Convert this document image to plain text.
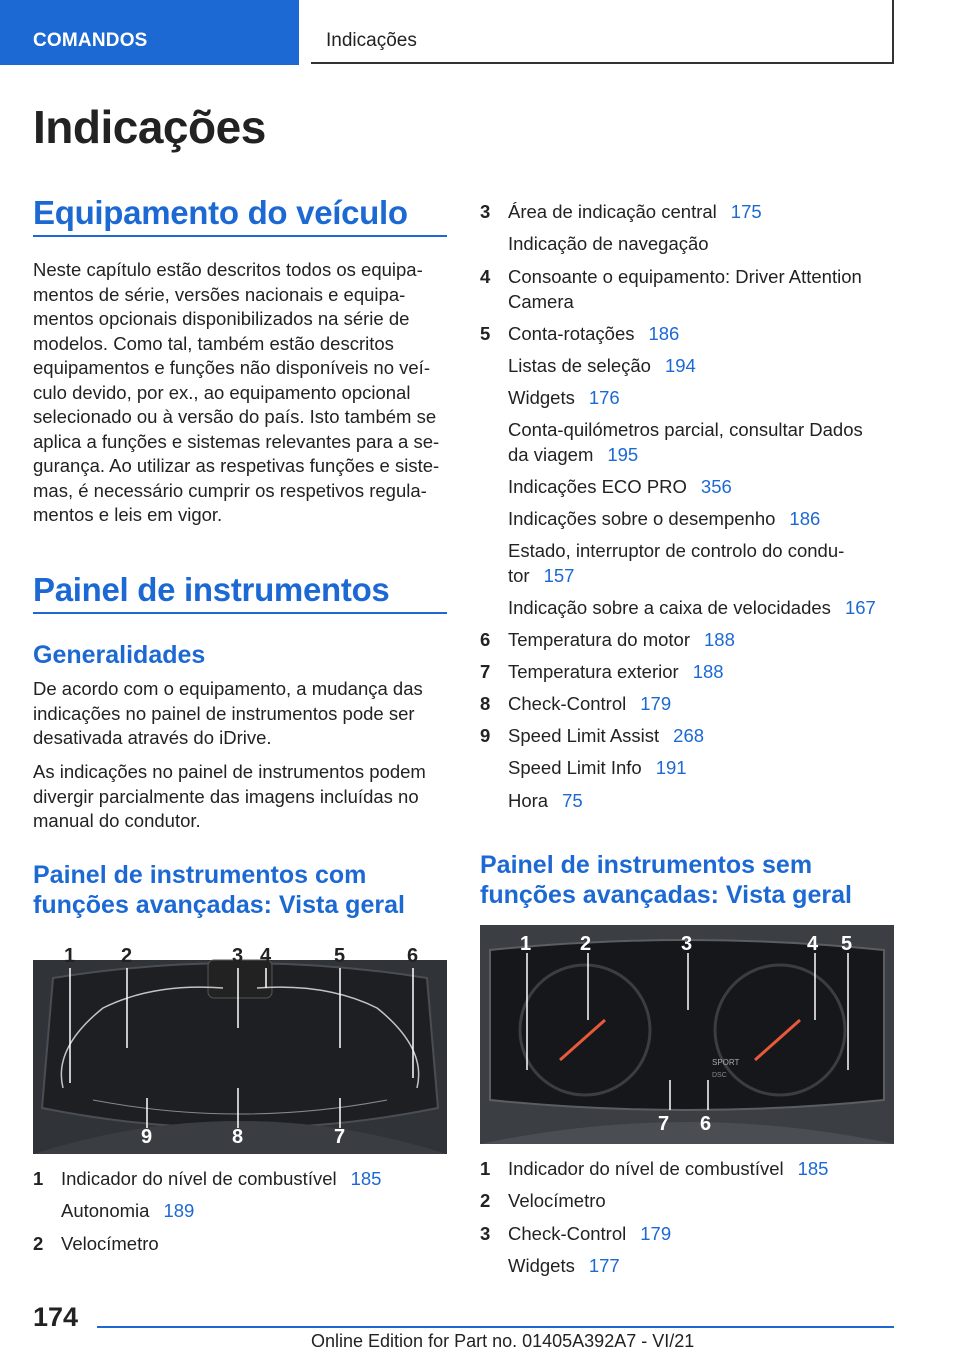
COMANDOS	Indicações
Indicações
Equipamento do veículo
Neste capítulo estão descritos todos os equipa‐
mentos de série, versões nacionais e equipa‐
mentos opcionais disponibilizados na série de
modelos. Como tal, também estão descritos
equipamentos e funções não disponíveis no veí‐
culo devido, por ex., ao equipamento opcional
selecionado ou à versão do país. Isto também se
aplica a funções e sistemas relevantes para a se‐
gurança. Ao utilizar as respetivas funções e siste‐
mas, é necessário cumprir os respetivos regula‐
mentos e leis em vigor.
Painel de instrumentos
Generalidades
De acordo com o equipamento, a mudança das
indicações no painel de instrumentos pode ser
desativada através do iDrive.
As indicações no painel de instrumentos podem
divergir parcialmente das imagens incluídas no
manual do condutor.
Painel de instrumentos com
funções avançadas: Vista geral
1 2	3 4	5	6
9	8	7
1 Indicador do nível de combustível 185
Autonomia 189
2 Velocímetro
3 Área de indicação central 175
Indicação de navegação
4 Consoante o equipamento: Driver Attention
Camera
5 Conta-rotações 186
Listas de seleção 194
Widgets 176
Conta-quilómetros parcial, consultar Dados
da viagem 195
Indicações ECO PRO 356
Indicações sobre o desempenho 186
Estado, interruptor de controlo do condu‐
tor 157
Indicação sobre a caixa de velocidades 167
6 Temperatura do motor 188
7 Temperatura exterior 188
8 Check-Control 179
9 Speed Limit Assist 268
Speed Limit Info 191
Hora 75
Painel de instrumentos sem
funções avançadas: Vista geral
SPORT
DSC
1 2	3	4 5
7 6
1 Indicador do nível de combustível 185
2 Velocímetro
3 Check-Control 179
Widgets 177
174
Online Edition for Part no. 01405A392A7 - VI/21
